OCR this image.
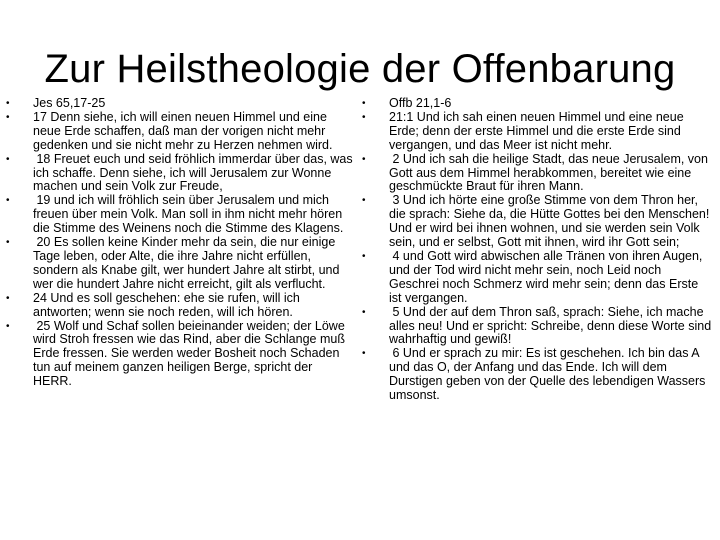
Zur Heilstheologie der Offenbarung
• Jes 65,17-25
• 17 Denn siehe, ich will einen neuen Himmel und eine neue Erde schaffen, daß man der vorigen nicht mehr gedenken und sie nicht mehr zu Herzen nehmen wird.
• 18 Freuet euch und seid fröhlich immerdar über das, was ich schaffe. Denn siehe, ich will Jerusalem zur Wonne machen und sein Volk zur Freude,
• 19 und ich will fröhlich sein über Jerusalem und mich freuen über mein Volk. Man soll in ihm nicht mehr hören die Stimme des Weinens noch die Stimme des Klagens.
• 20 Es sollen keine Kinder mehr da sein, die nur einige Tage leben, oder Alte, die ihre Jahre nicht erfüllen, sondern als Knabe gilt, wer hundert Jahre alt stirbt, und wer die hundert Jahre nicht erreicht, gilt als verflucht.
• 24 Und es soll geschehen: ehe sie rufen, will ich antworten; wenn sie noch reden, will ich hören.
• 25 Wolf und Schaf sollen beieinander weiden; der Löwe wird Stroh fressen wie das Rind, aber die Schlange muß Erde fressen. Sie werden weder Bosheit noch Schaden tun auf meinem ganzen heiligen Berge, spricht der HERR.
• Offb 21,1-6
• 21:1 Und ich sah einen neuen Himmel und eine neue Erde; denn der erste Himmel und die erste Erde sind vergangen, und das Meer ist nicht mehr.
• 2 Und ich sah die heilige Stadt, das neue Jerusalem, von Gott aus dem Himmel herabkommen, bereitet wie eine geschmückte Braut für ihren Mann.
• 3 Und ich hörte eine große Stimme von dem Thron her, die sprach: Siehe da, die Hütte Gottes bei den Menschen! Und er wird bei ihnen wohnen, und sie werden sein Volk sein, und er selbst, Gott mit ihnen, wird ihr Gott sein;
• 4 und Gott wird abwischen alle Tränen von ihren Augen, und der Tod wird nicht mehr sein, noch Leid noch Geschrei noch Schmerz wird mehr sein; denn das Erste ist vergangen.
• 5 Und der auf dem Thron saß, sprach: Siehe, ich mache alles neu! Und er spricht: Schreibe, denn diese Worte sind wahrhaftig und gewiß!
• 6 Und er sprach zu mir: Es ist geschehen. Ich bin das A und das O, der Anfang und das Ende. Ich will dem Durstigen geben von der Quelle des lebendigen Wassers umsonst.
